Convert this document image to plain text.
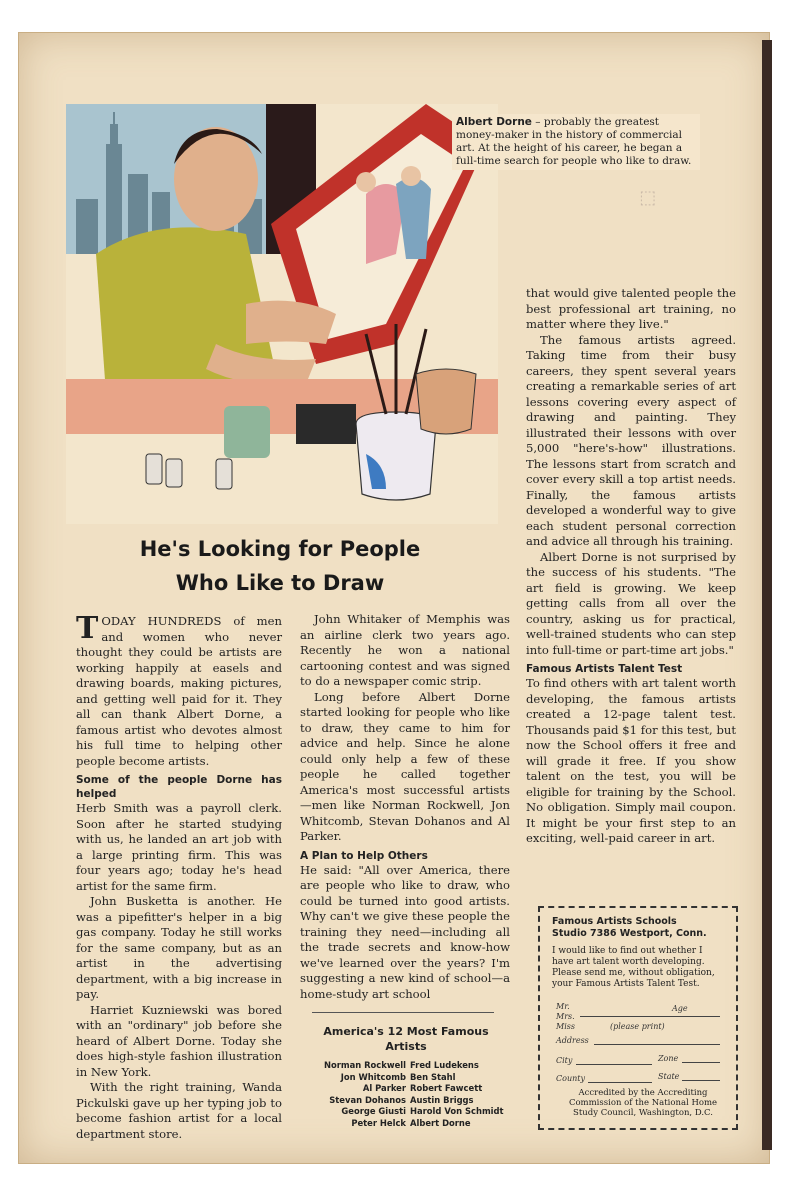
⬚
Albert Dorne – probably the greatest money-maker in the history of commercial art. At the height of his career, he began a full-time search for people who like to draw.
He's Looking for People
Who Like to Draw

TODAY HUNDREDS of men and women who never thought they could be artists are working happily at easels and drawing boards, making pictures, and getting well paid for it. They all can thank Albert Dorne, a famous artist who devotes almost his full time to helping other people become artists.

Some of the people Dorne has helped

Herb Smith was a payroll clerk. Soon after he started studying with us, he landed an art job with a large printing firm. This was four years ago; today he's head artist for the same firm.

John Busketta is another. He was a pipefitter's helper in a big gas company. Today he still works for the same company, but as an artist in the advertising department, with a big increase in pay.

Harriet Kuzniewski was bored with an "ordinary" job before she heard of Albert Dorne. Today she does high-style fashion illustration in New York.

With the right training, Wanda Pickulski gave up her typing job to become fashion artist for a local department store.

John Whitaker of Memphis was an airline clerk two years ago. Recently he won a national cartooning contest and was signed to do a newspaper comic strip.

Long before Albert Dorne started looking for people who like to draw, they came to him for advice and help. Since he alone could only help a few of these people he called together America's most successful artists —men like Norman Rockwell, Jon Whitcomb, Stevan Dohanos and Al Parker.

A Plan to Help Others

He said: "All over America, there are people who like to draw, who could be turned into good artists. Why can't we give these people the training they need—including all the trade secrets and know-how we've learned over the years? I'm suggesting a new kind of school—a home-study art school

that would give talented people the best professional art training, no matter where they live."

The famous artists agreed. Taking time from their busy careers, they spent several years creating a remarkable series of art lessons covering every aspect of drawing and painting. They illustrated their lessons with over 5,000 "here's-how" illustrations. The lessons start from scratch and cover every skill a top artist needs. Finally, the famous artists developed a wonderful way to give each student personal correction and advice all through his training.

Albert Dorne is not surprised by the success of his students. "The art field is growing. We keep getting calls from all over the country, asking us for practical, well-trained students who can step into full-time or part-time art jobs."

Famous Artists Talent Test

To find others with art talent worth developing, the famous artists created a 12-page talent test. Thousands paid $1 for this test, but now the School offers it free and will grade it free. If you show talent on the test, you will be eligible for training by the School. No obligation. Simply mail coupon. It might be your first step to an exciting, well-paid career in art.

America's 12 Most Famous Artists
Norman Rockwell	Fred Ludekens
Jon Whitcomb	Ben Stahl
Al Parker	Robert Fawcett
Stevan Dohanos	Austin Briggs
George Giusti	Harold Von Schmidt
Peter Helck	Albert Dorne
Famous Artists Schools
Studio 7386 Westport, Conn.
I would like to find out whether I have art talent worth developing. Please send me, without obligation, your Famous Artists Talent Test.
Mr.
Mrs.
Miss
Age
(please print)
Address
City	Zone
County	State
Accredited by the Accrediting Commission of the National Home Study Council, Washington, D.C.
